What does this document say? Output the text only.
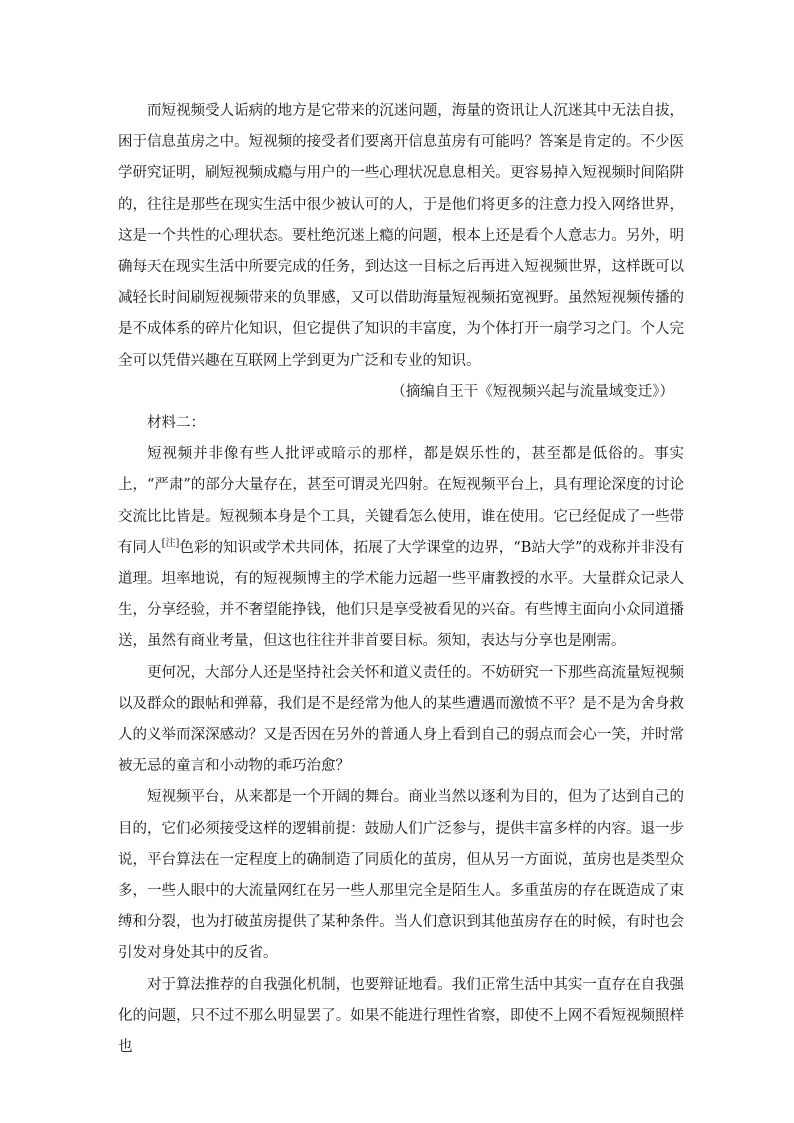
而短视频受人诟病的地方是它带来的沉迷问题，海量的资讯让人沉迷其中无法自拔，困于信息茧房之中。短视频的接受者们要离开信息茧房有可能吗？答案是肯定的。不少医学研究证明，刷短视频成瘾与用户的一些心理状况息息相关。更容易掉入短视频时间陷阱的，往往是那些在现实生活中很少被认可的人，于是他们将更多的注意力投入网络世界，这是一个共性的心理状态。要杜绝沉迷上瘾的问题，根本上还是看个人意志力。另外，明确每天在现实生活中所要完成的任务，到达这一目标之后再进入短视频世界，这样既可以减轻长时间刷短视频带来的负罪感，又可以借助海量短视频拓宽视野。虽然短视频传播的是不成体系的碎片化知识，但它提供了知识的丰富度，为个体打开一扇学习之门。个人完全可以凭借兴趣在互联网上学到更为广泛和专业的知识。

（摘编自王干《短视频兴起与流量域变迁》）

材料二：

短视频并非像有些人批评或暗示的那样，都是娱乐性的，甚至都是低俗的。事实上，“严肃”的部分大量存在，甚至可谓灵光四射。在短视频平台上，具有理论深度的讨论交流比比皆是。短视频本身是个工具，关键看怎么使用，谁在使用。它已经促成了一些带有同人[注]色彩的知识或学术共同体，拓展了大学课堂的边界，“B站大学”的戏称并非没有道理。坦率地说，有的短视频博主的学术能力远超一些平庸教授的水平。大量群众记录人生，分享经验，并不奢望能挣钱，他们只是享受被看见的兴奋。有些博主面向小众同道播送，虽然有商业考量，但这也往往并非首要目标。须知，表达与分享也是刚需。

更何况，大部分人还是坚持社会关怀和道义责任的。不妨研究一下那些高流量短视频以及群众的跟帖和弹幕，我们是不是经常为他人的某些遭遇而激愤不平？是不是为舍身救人的义举而深深感动？又是否因在另外的普通人身上看到自己的弱点而会心一笑，并时常被无忌的童言和小动物的乖巧治愈？

短视频平台，从来都是一个开阔的舞台。商业当然以逐利为目的，但为了达到自己的目的，它们必须接受这样的逻辑前提：鼓励人们广泛参与，提供丰富多样的内容。退一步说，平台算法在一定程度上的确制造了同质化的茧房，但从另一方面说，茧房也是类型众多，一些人眼中的大流量网红在另一些人那里完全是陌生人。多重茧房的存在既造成了束缚和分裂，也为打破茧房提供了某种条件。当人们意识到其他茧房存在的时候，有时也会引发对身处其中的反省。

对于算法推荐的自我强化机制，也要辩证地看。我们正常生活中其实一直存在自我强化的问题，只不过不那么明显罢了。如果不能进行理性省察，即使不上网不看短视频照样也
